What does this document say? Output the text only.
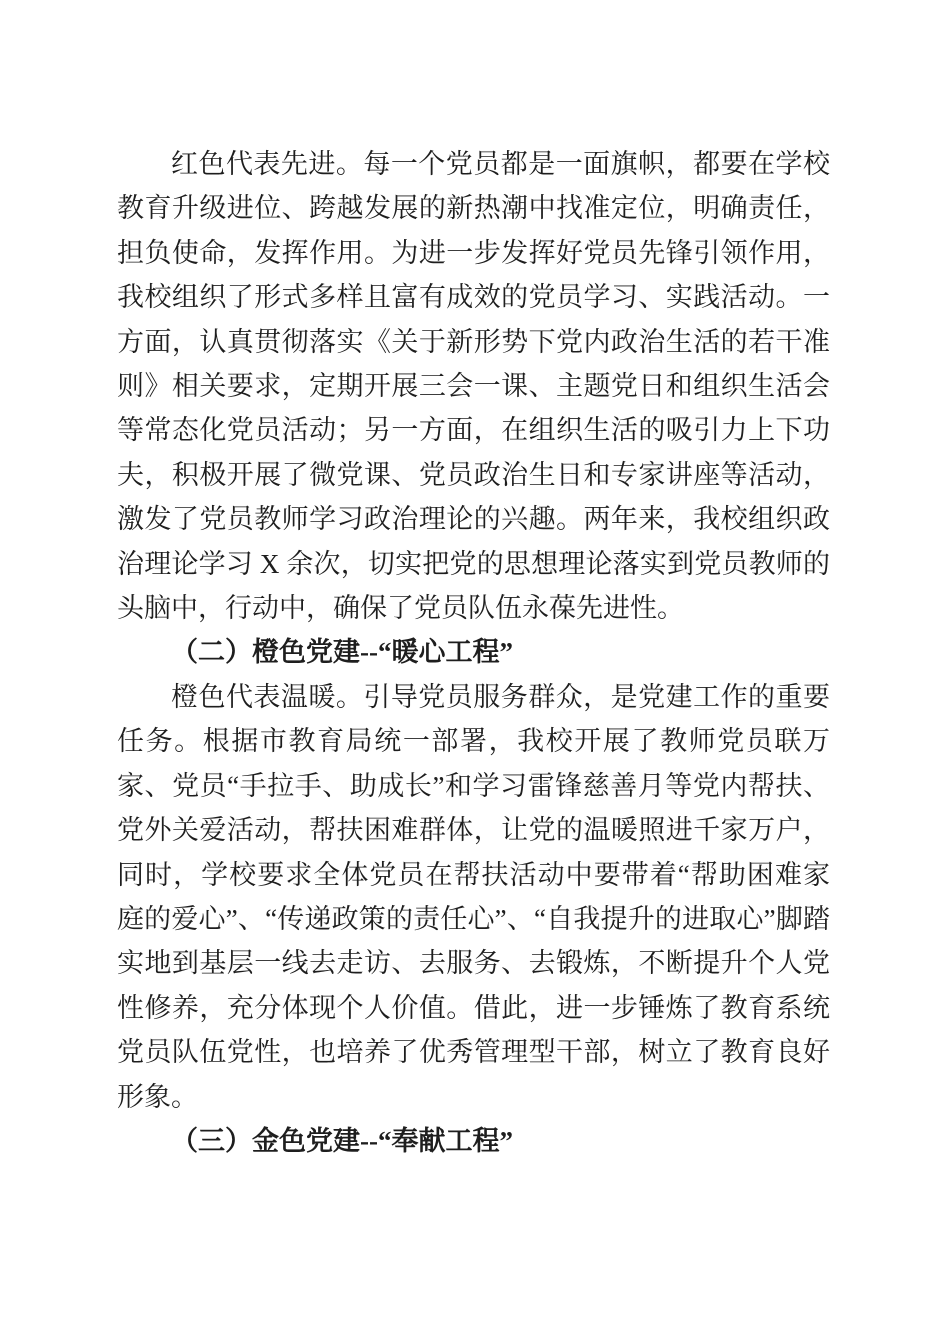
红色代表先进。每一个党员都是一面旗帜，都要在学校教育升级进位、跨越发展的新热潮中找准定位，明确责任，担负使命，发挥作用。为进一步发挥好党员先锋引领作用，我校组织了形式多样且富有成效的党员学习、实践活动。一方面，认真贯彻落实《关于新形势下党内政治生活的若干准则》相关要求，定期开展三会一课、主题党日和组织生活会等常态化党员活动；另一方面，在组织生活的吸引力上下功夫，积极开展了微党课、党员政治生日和专家讲座等活动，激发了党员教师学习政治理论的兴趣。两年来，我校组织政治理论学习 X 余次，切实把党的思想理论落实到党员教师的头脑中，行动中，确保了党员队伍永葆先进性。

（二）橙色党建--“暖心工程”

橙色代表温暖。引导党员服务群众，是党建工作的重要任务。根据市教育局统一部署，我校开展了教师党员联万家、党员“手拉手、助成长”和学习雷锋慈善月等党内帮扶、党外关爱活动，帮扶困难群体，让党的温暖照进千家万户，同时，学校要求全体党员在帮扶活动中要带着“帮助困难家庭的爱心”、“传递政策的责任心”、“自我提升的进取心”脚踏实地到基层一线去走访、去服务、去锻炼，不断提升个人党性修养，充分体现个人价值。借此，进一步锤炼了教育系统党员队伍党性，也培养了优秀管理型干部，树立了教育良好形象。

（三）金色党建--“奉献工程”
